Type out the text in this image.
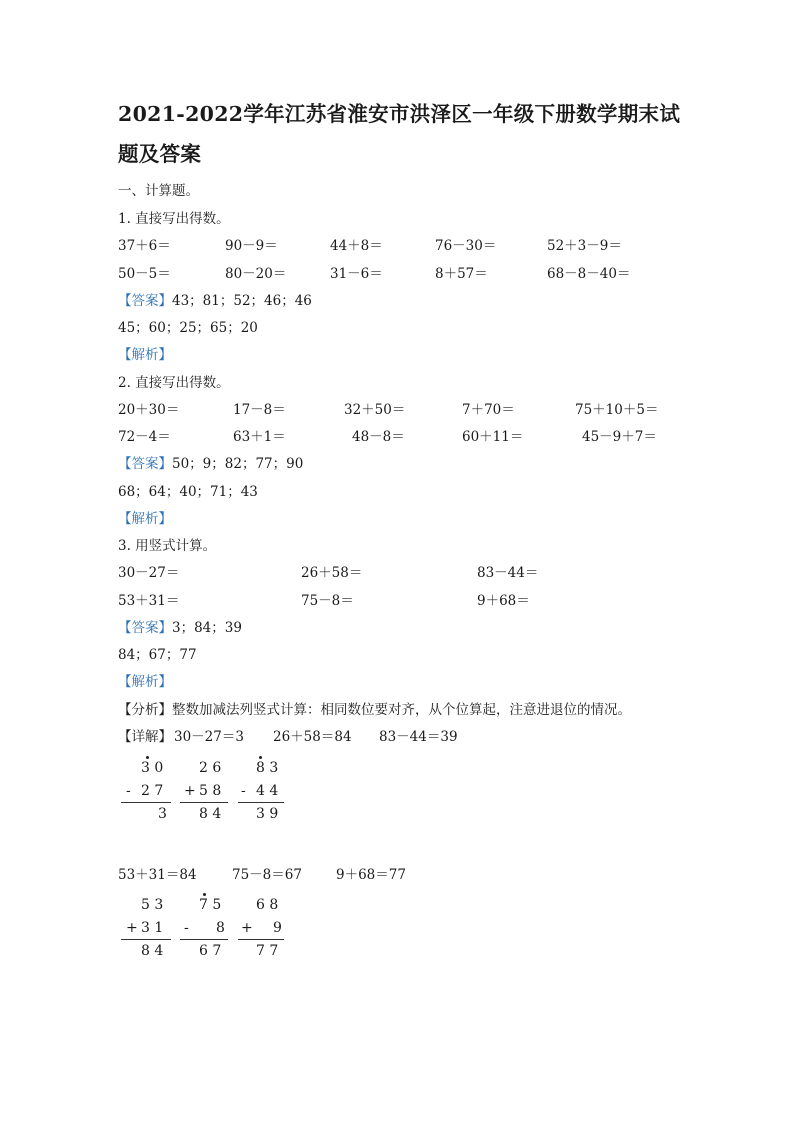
2021-2022学年江苏省淮安市洪泽区一年级下册数学期末试题及答案
一、计算题。
1. 直接写出得数。
37＋6＝	90－9＝	44＋8＝	76－30＝	52＋3－9＝
50－5＝	80－20＝	31－6＝	8＋57＝	68－8－40＝
【答案】43；81；52；46；46
45；60；25；65；20
【解析】
2. 直接写出得数。
20＋30＝	17－8＝	32＋50＝	7＋70＝	75＋10＋5＝
72－4＝	63＋1＝	48－8＝	60＋11＝	45－9＋7＝
【答案】50；9；82；77；90
68；64；40；71；43
【解析】
3. 用竖式计算。
30－27＝	26＋58＝	83－44＝
53＋31＝	75－8＝	9＋68＝
【答案】3；84；39
84；67；77
【解析】
【分析】整数加减法列竖式计算：相同数位要对齐，从个位算起，注意进退位的情况。
【详解】 30－27＝3 26＋58＝84 83－44＝39
3 0
- 2 7
3
2 6
+ 5 8
8 4
8 3
- 4 4
3 9
53＋31＝84	75－8＝67	9＋68＝77
5 3
+ 3 1
8 4
7 5
- 8
6 7
6 8
+ 9
7 7
